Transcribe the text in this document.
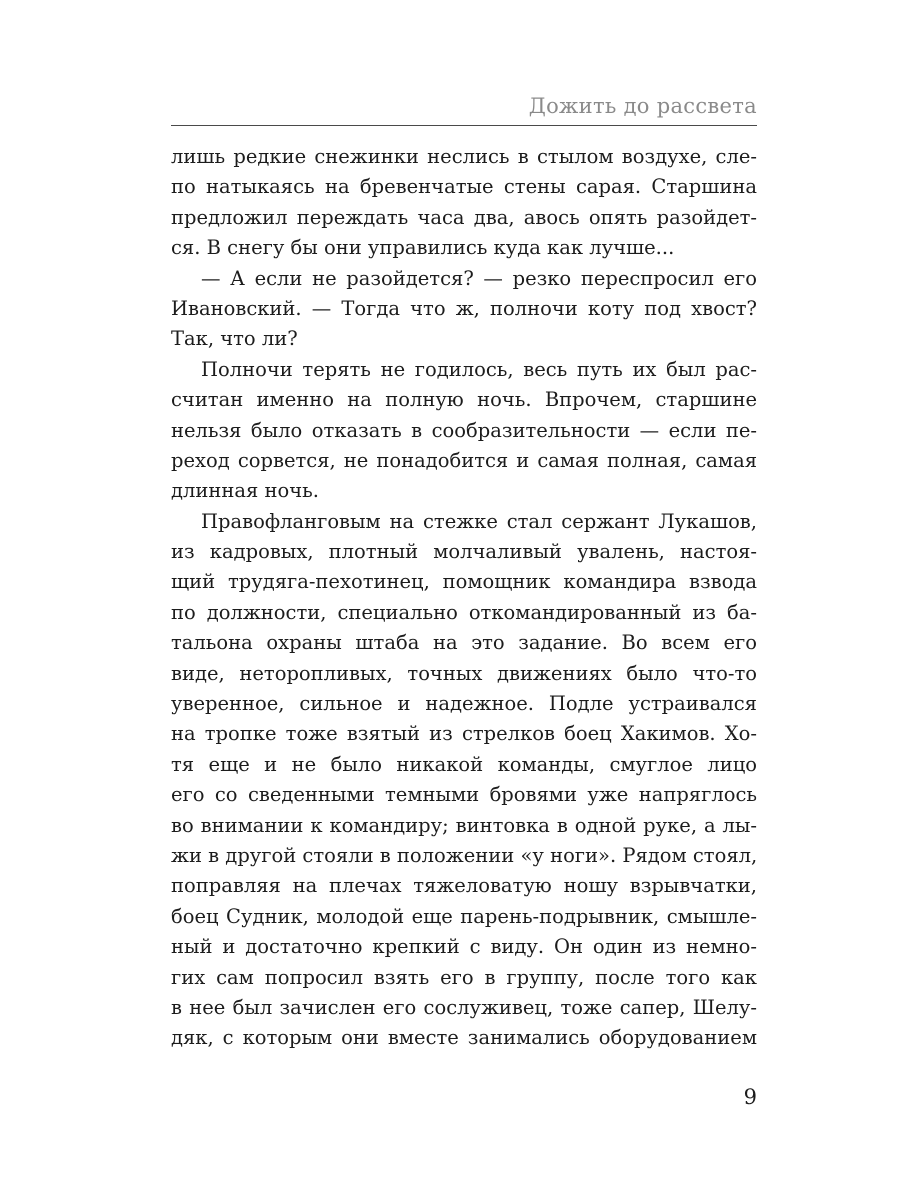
Дожить до рассвета
лишь редкие снежинки неслись в стылом воздухе, сле-
по натыкаясь на бревенчатые стены сарая. Старшина
предложил переждать часа два, авось опять разойдет-
ся. В снегу бы они управились куда как лучше...
— А если не разойдется? — резко переспросил его
Ивановский. — Тогда что ж, полночи коту под хвост?
Так, что ли?
Полночи терять не годилось, весь путь их был рас-
считан именно на полную ночь. Впрочем, старшине
нельзя было отказать в сообразительности — если пе-
реход сорвется, не понадобится и самая полная, самая
длинная ночь.
Правофланговым на стежке стал сержант Лукашов,
из кадровых, плотный молчаливый увалень, настоя-
щий трудяга-пехотинец, помощник командира взвода
по должности, специально откомандированный из ба-
тальона охраны штаба на это задание. Во всем его
виде, неторопливых, точных движениях было что-то
уверенное, сильное и надежное. Подле устраивался
на тропке тоже взятый из стрелков боец Хакимов. Хо-
тя еще и не было никакой команды, смуглое лицо
его со сведенными темными бровями уже напряглось
во внимании к командиру; винтовка в одной руке, а лы-
жи в другой стояли в положении «у ноги». Рядом стоял,
поправляя на плечах тяжеловатую ношу взрывчатки,
боец Судник, молодой еще парень-подрывник, смышле-
ный и достаточно крепкий с виду. Он один из немно-
гих сам попросил взять его в группу, после того как
в нее был зачислен его сослуживец, тоже сапер, Шелу-
дяк, с которым они вместе занимались оборудованием
9
